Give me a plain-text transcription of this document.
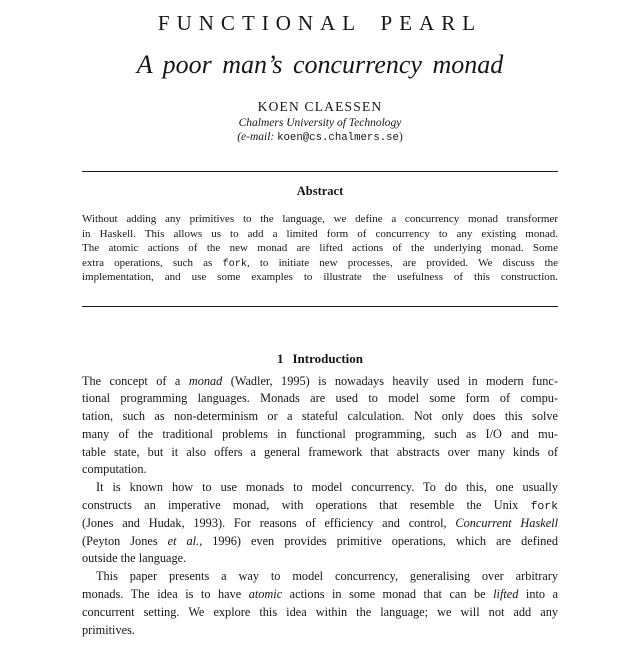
FUNCTIONAL PEARL
A poor man’s concurrency monad
KOEN CLAESSEN
Chalmers University of Technology
(e-mail: koen@cs.chalmers.se)
Abstract
Without adding any primitives to the language, we define a concurrency monad transformer
in Haskell. This allows us to add a limited form of concurrency to any existing monad.
The atomic actions of the new monad are lifted actions of the underlying monad. Some
extra operations, such as fork, to initiate new processes, are provided. We discuss the
implementation, and use some examples to illustrate the usefulness of this construction.
1 Introduction
The concept of a monad (Wadler, 1995) is nowadays heavily used in modern func-
tional programming languages. Monads are used to model some form of compu-
tation, such as non-determinism or a stateful calculation. Not only does this solve
many of the traditional problems in functional programming, such as I/O and mu-
table state, but it also offers a general framework that abstracts over many kinds of
computation.
It is known how to use monads to model concurrency. To do this, one usually
constructs an imperative monad, with operations that resemble the Unix fork
(Jones and Hudak, 1993). For reasons of efficiency and control, Concurrent Haskell
(Peyton Jones et al., 1996) even provides primitive operations, which are defined
outside the language.
This paper presents a way to model concurrency, generalising over arbitrary
monads. The idea is to have atomic actions in some monad that can be lifted into a
concurrent setting. We explore this idea within the language; we will not add any
primitives.
